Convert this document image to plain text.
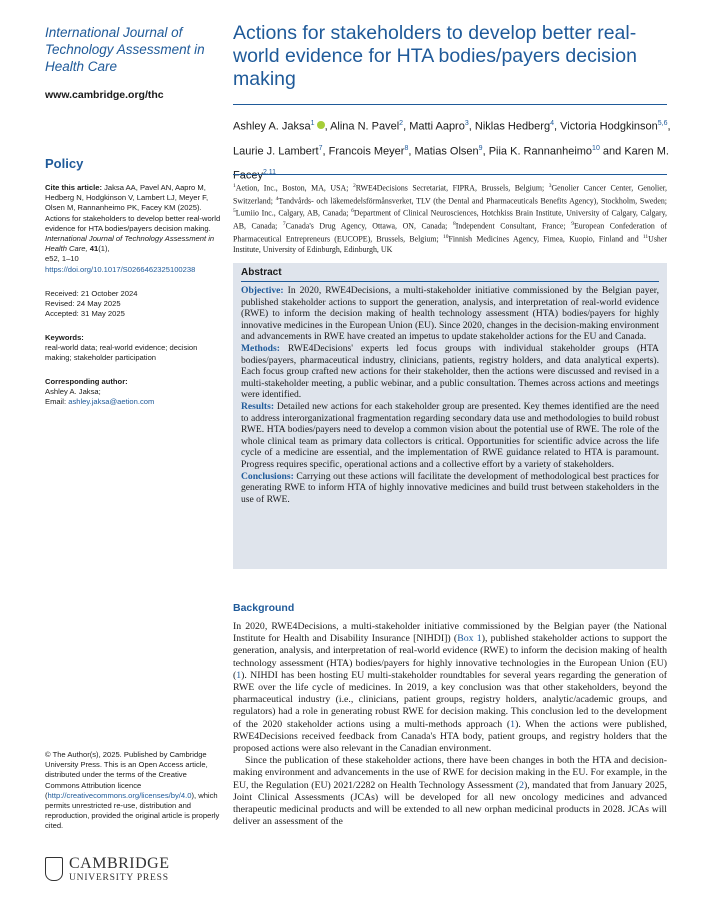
International Journal of Technology Assessment in Health Care
www.cambridge.org/thc
Policy
Cite this article: Jaksa AA, Pavel AN, Aapro M, Hedberg N, Hodgkinson V, Lambert LJ, Meyer F, Olsen M, Rannanheimo PK, Facey KM (2025). Actions for stakeholders to develop better real-world evidence for HTA bodies/payers decision making. International Journal of Technology Assessment in Health Care, 41(1),
e52, 1–10
https://doi.org/10.1017/S0266462325100238
Received: 21 October 2024
Revised: 24 May 2025
Accepted: 31 May 2025
Keywords:
real-world data; real-world evidence; decision making; stakeholder participation
Corresponding author:
Ashley A. Jaksa;
Email: ashley.jaksa@aetion.com
© The Author(s), 2025. Published by Cambridge University Press. This is an Open Access article, distributed under the terms of the Creative Commons Attribution licence (http://creativecommons.org/licenses/by/4.0), which permits unrestricted re-use, distribution and reproduction, provided the original article is properly cited.
CAMBRIDGE
UNIVERSITY PRESS
Actions for stakeholders to develop better real-world evidence for HTA bodies/payers decision making
Ashley A. Jaksa$^1$ , Alina N. Pavel$^2$, Matti Aapro$^3$, Niklas Hedberg$^4$, Victoria Hodgkinson$^{5,6}$, Laurie J. Lambert$^7$, Francois Meyer$^8$, Matias Olsen$^9$, Piia K. Rannanheimo$^{10}$ and Karen M. Facey$^{2,11}$
$^1$Aetion, Inc., Boston, MA, USA; $^2$RWE4Decisions Secretariat, FIPRA, Brussels, Belgium; $^3$Genolier Cancer Center, Genolier, Switzerland; $^4$Tandvårds- och läkemedelsförmånsverket, TLV (the Dental and Pharmaceuticals Benefits Agency), Stockholm, Sweden; $^5$Lumiio Inc., Calgary, AB, Canada; $^6$Department of Clinical Neurosciences, Hotchkiss Brain Institute, University of Calgary, Calgary, AB, Canada; $^7$Canada's Drug Agency, Ottawa, ON, Canada; $^8$Independent Consultant, France; $^9$European Confederation of Pharmaceutical Entrepreneurs (EUCOPE), Brussels, Belgium; $^{10}$Finnish Medicines Agency, Fimea, Kuopio, Finland and $^{11}$Usher Institute, University of Edinburgh, Edinburgh, UK
Abstract

Objective: In 2020, RWE4Decisions, a multi-stakeholder initiative commissioned by the Belgian payer, published stakeholder actions to support the generation, analysis, and interpretation of real-world evidence (RWE) to inform the decision making of health technology assessment (HTA) bodies/payers for highly innovative medicines in the European Union (EU). Since 2020, changes in the decision-making environment and advancements in RWE have created an impetus to update stakeholder actions for the EU and Canada.

Methods: RWE4Decisions' experts led focus groups with individual stakeholder groups (HTA bodies/payers, pharmaceutical industry, clinicians, patients, registry holders, and data analytical experts). Each focus group crafted new actions for their stakeholder, then the actions were discussed and revised in a multi-stakeholder meeting, a public webinar, and a public consultation. Themes across actions and meetings were identified.

Results: Detailed new actions for each stakeholder group are presented. Key themes identified are the need to address interorganizational fragmentation regarding secondary data use and methodologies to build robust RWE. HTA bodies/payers need to develop a common vision about the potential use of RWE. The role of the whole clinical team as primary data collectors is critical. Opportunities for scientific advice across the life cycle of a medicine are essential, and the implementation of RWE guidance related to HTA is paramount. Progress requires specific, operational actions and a collective effort by a variety of stakeholders.

Conclusions: Carrying out these actions will facilitate the development of methodological best practices for generating RWE to inform HTA of highly innovative medicines and build trust between stakeholders in the use of RWE.

Background

In 2020, RWE4Decisions, a multi-stakeholder initiative commissioned by the Belgian payer (the National Institute for Health and Disability Insurance [NIHDI]) (Box 1), published stakeholder actions to support the generation, analysis, and interpretation of real-world evidence (RWE) to inform the decision making of health technology assessment (HTA) bodies/payers for highly innovative technologies in the European Union (EU) (1). NIHDI has been hosting EU multi-stakeholder roundtables for several years regarding the generation of RWE over the life cycle of medicines. In 2019, a key conclusion was that other stakeholders, beyond the pharmaceutical industry (i.e., clinicians, patient groups, registry holders, analytic/academic groups, and regulators) had a role in generating robust RWE for decision making. This conclusion led to the development of the 2020 stakeholder actions using a multi-methods approach (1). When the actions were published, RWE4Decisions received feedback from Canada's HTA body, patient groups, and registry holders that the proposed actions were also relevant in the Canadian environment.

Since the publication of these stakeholder actions, there have been changes in both the HTA and decision-making environment and advancements in the use of RWE for decision making in the EU. For example, in the EU, the Regulation (EU) 2021/2282 on Health Technology Assessment (2), mandated that from January 2025, Joint Clinical Assessments (JCAs) will be developed for all new oncology medicines and advanced therapeutic medicinal products and will be extended to all new orphan medicinal products in 2028. JCAs will deliver an assessment of the
